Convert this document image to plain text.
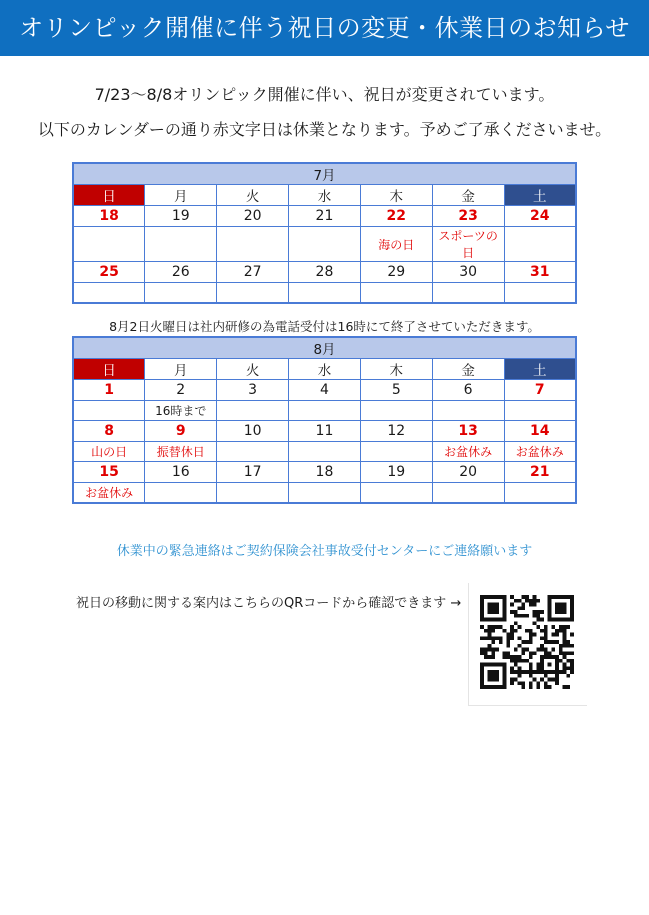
オリンピック開催に伴う祝日の変更・休業日のお知らせ
7/23～8/8オリンピック開催に伴い、祝日が変更されています。
以下のカレンダーの通り赤文字日は休業となります。予めご了承くださいませ。
7月						
日	月	火	水	木	金	土
18	19	20	21	22	23	24
				海の日	スポーツの日	
25	26	27	28	29	30	31

8月2日火曜日は社内研修の為電話受付は16時にて終了させていただきます。
8月						
日	月	火	水	木	金	土
1	2	3	4	5	6	7
	16時まで					
8	9	10	11	12	13	14
山の日	振替休日				お盆休み	お盆休み
15	16	17	18	19	20	21
お盆休み						
休業中の緊急連絡はご契約保険会社事故受付センターにご連絡願います
祝日の移動に関する案内はこちらのQRコードから確認できます →
